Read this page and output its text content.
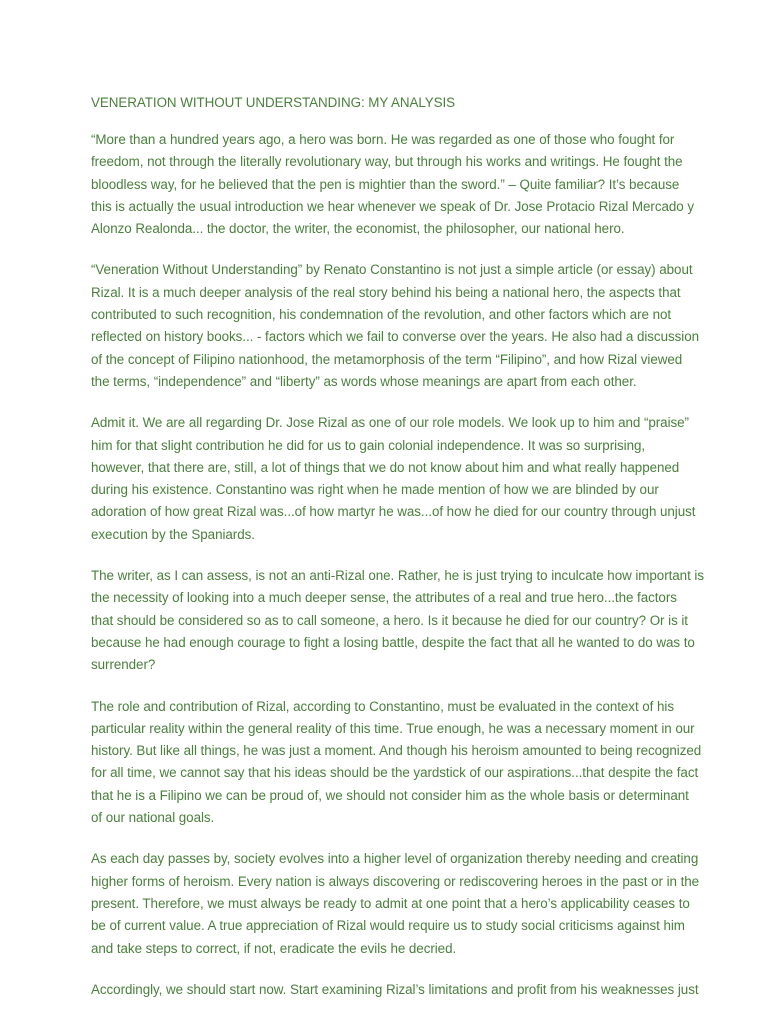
VENERATION WITHOUT UNDERSTANDING: MY ANALYSIS
“More than a hundred years ago, a hero was born. He was regarded as one of those who fought for
freedom, not through the literally revolutionary way, but through his works and writings. He fought the
bloodless way, for he believed that the pen is mightier than the sword.” – Quite familiar? It’s because
this is actually the usual introduction we hear whenever we speak of Dr. Jose Protacio Rizal Mercado y
Alonzo Realonda... the doctor, the writer, the economist, the philosopher, our national hero.
“Veneration Without Understanding” by Renato Constantino is not just a simple article (or essay) about
Rizal. It is a much deeper analysis of the real story behind his being a national hero, the aspects that
contributed to such recognition, his condemnation of the revolution, and other factors which are not
reflected on history books... - factors which we fail to converse over the years. He also had a discussion
of the concept of Filipino nationhood, the metamorphosis of the term “Filipino”, and how Rizal viewed
the terms, “independence” and “liberty” as words whose meanings are apart from each other.
Admit it. We are all regarding Dr. Jose Rizal as one of our role models. We look up to him and “praise”
him for that slight contribution he did for us to gain colonial independence. It was so surprising,
however, that there are, still, a lot of things that we do not know about him and what really happened
during his existence. Constantino was right when he made mention of how we are blinded by our
adoration of how great Rizal was...of how martyr he was...of how he died for our country through unjust
execution by the Spaniards.
The writer, as I can assess, is not an anti-Rizal one. Rather, he is just trying to inculcate how important is
the necessity of looking into a much deeper sense, the attributes of a real and true hero...the factors
that should be considered so as to call someone, a hero. Is it because he died for our country? Or is it
because he had enough courage to fight a losing battle, despite the fact that all he wanted to do was to
surrender?
The role and contribution of Rizal, according to Constantino, must be evaluated in the context of his
particular reality within the general reality of this time. True enough, he was a necessary moment in our
history. But like all things, he was just a moment. And though his heroism amounted to being recognized
for all time, we cannot say that his ideas should be the yardstick of our aspirations...that despite the fact
that he is a Filipino we can be proud of, we should not consider him as the whole basis or determinant
of our national goals.
As each day passes by, society evolves into a higher level of organization thereby needing and creating
higher forms of heroism. Every nation is always discovering or rediscovering heroes in the past or in the
present. Therefore, we must always be ready to admit at one point that a hero’s applicability ceases to
be of current value. A true appreciation of Rizal would require us to study social criticisms against him
and take steps to correct, if not, eradicate the evils he decried.
Accordingly, we should start now. Start examining Rizal’s limitations and profit from his weaknesses just
